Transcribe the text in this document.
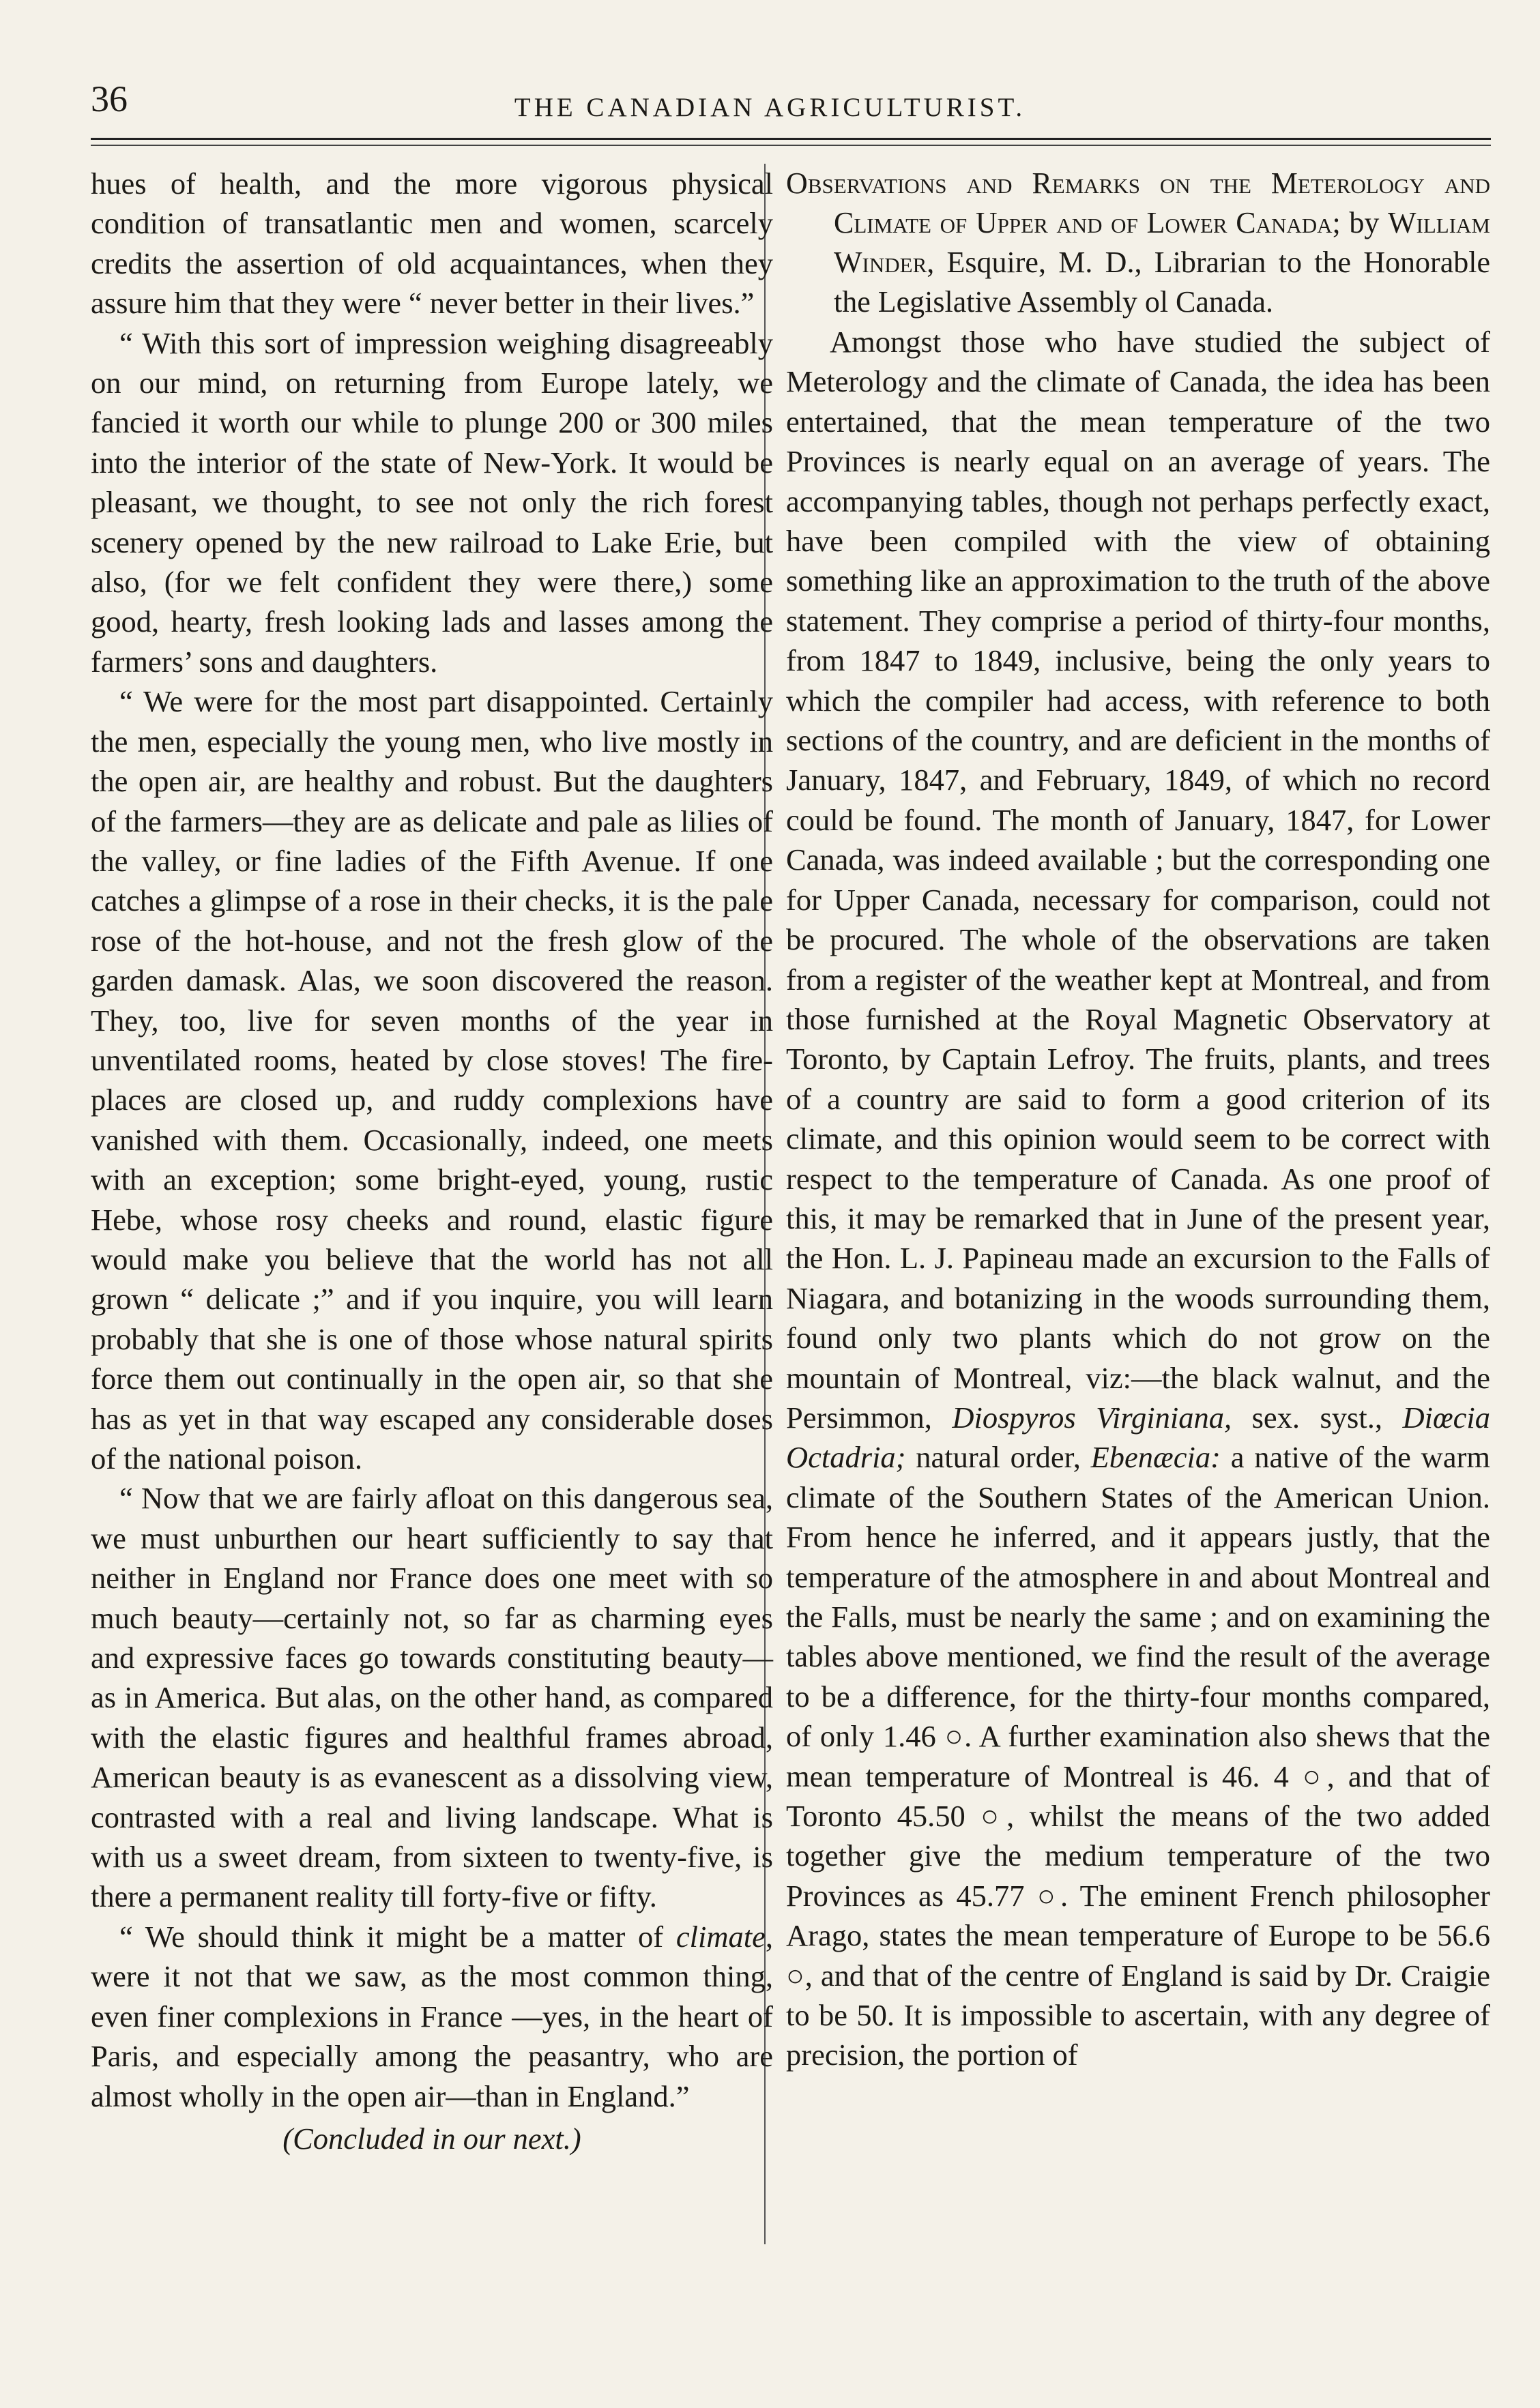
36	THE CANADIAN AGRICULTURIST.

hues of health, and the more vigorous physical condition of transatlantic men and women, scarcely credits the assertion of old acquaintances, when they assure him that they were “ never better in their lives.”

“ With this sort of impression weighing disagreeably on our mind, on returning from Europe lately, we fancied it worth our while to plunge 200 or 300 miles into the interior of the state of New-York. It would be pleasant, we thought, to see not only the rich forest scenery opened by the new railroad to Lake Erie, but also, (for we felt confident they were there,) some good, hearty, fresh looking lads and lasses among the farmers’ sons and daughters.

“ We were for the most part disappointed. Certainly the men, especially the young men, who live mostly in the open air, are healthy and robust. But the daughters of the farmers—they are as delicate and pale as lilies of the valley, or fine ladies of the Fifth Avenue. If one catches a glimpse of a rose in their checks, it is the pale rose of the hot-house, and not the fresh glow of the garden damask. Alas, we soon discovered the reason. They, too, live for seven months of the year in unventilated rooms, heated by close stoves! The fire-places are closed up, and ruddy complexions have vanished with them. Occasionally, indeed, one meets with an exception; some bright-eyed, young, rustic Hebe, whose rosy cheeks and round, elastic figure would make you believe that the world has not all grown “ delicate ;” and if you inquire, you will learn probably that she is one of those whose natural spirits force them out continually in the open air, so that she has as yet in that way escaped any considerable doses of the national poison.

“ Now that we are fairly afloat on this dangerous sea, we must unburthen our heart sufficiently to say that neither in England nor France does one meet with so much beauty—certainly not, so far as charming eyes and expressive faces go towards constituting beauty—as in America. But alas, on the other hand, as compared with the elastic figures and healthful frames abroad, American beauty is as evanescent as a dissolving view, contrasted with a real and living landscape. What is with us a sweet dream, from sixteen to twenty-five, is there a permanent reality till forty-five or fifty.

“ We should think it might be a matter of climate, were it not that we saw, as the most common thing, even finer complexions in France —yes, in the heart of Paris, and especially among the peasantry, who are almost wholly in the open air—than in England.”

(Concluded in our next.)

Observations and Remarks on the Meterology and Climate of Upper and of Lower Canada; by William Winder, Esquire, M. D., Librarian to the Honorable the Legislative Assembly ol Canada.

Amongst those who have studied the subject of Meterology and the climate of Canada, the idea has been entertained, that the mean temperature of the two Provinces is nearly equal on an average of years. The accompanying tables, though not perhaps perfectly exact, have been compiled with the view of obtaining something like an approximation to the truth of the above statement. They comprise a period of thirty-four months, from 1847 to 1849, inclusive, being the only years to which the compiler had access, with reference to both sections of the country, and are deficient in the months of January, 1847, and February, 1849, of which no record could be found. The month of January, 1847, for Lower Canada, was indeed available ; but the corresponding one for Upper Canada, necessary for comparison, could not be procured. The whole of the observations are taken from a register of the weather kept at Montreal, and from those furnished at the Royal Magnetic Observatory at Toronto, by Captain Lefroy. The fruits, plants, and trees of a country are said to form a good criterion of its climate, and this opinion would seem to be correct with respect to the temperature of Canada. As one proof of this, it may be remarked that in June of the present year, the Hon. L. J. Papineau made an excursion to the Falls of Niagara, and botanizing in the woods surrounding them, found only two plants which do not grow on the mountain of Montreal, viz:—the black walnut, and the Persimmon, Diospyros Virginiana, sex. syst., Diœcia Octadria; natural order, Ebenæcia: a native of the warm climate of the Southern States of the American Union. From hence he inferred, and it appears justly, that the temperature of the atmosphere in and about Montreal and the Falls, must be nearly the same ; and on examining the tables above mentioned, we find the result of the average to be a difference, for the thirty-four months compared, of only 1.46 ○. A further examination also shews that the mean temperature of Montreal is 46. 4 ○, and that of Toronto 45.50 ○, whilst the means of the two added together give the medium temperature of the two Provinces as 45.77 ○. The eminent French philosopher Arago, states the mean temperature of Europe to be 56.6 ○, and that of the centre of England is said by Dr. Craigie to be 50. It is impossible to ascertain, with any degree of precision, the portion of
